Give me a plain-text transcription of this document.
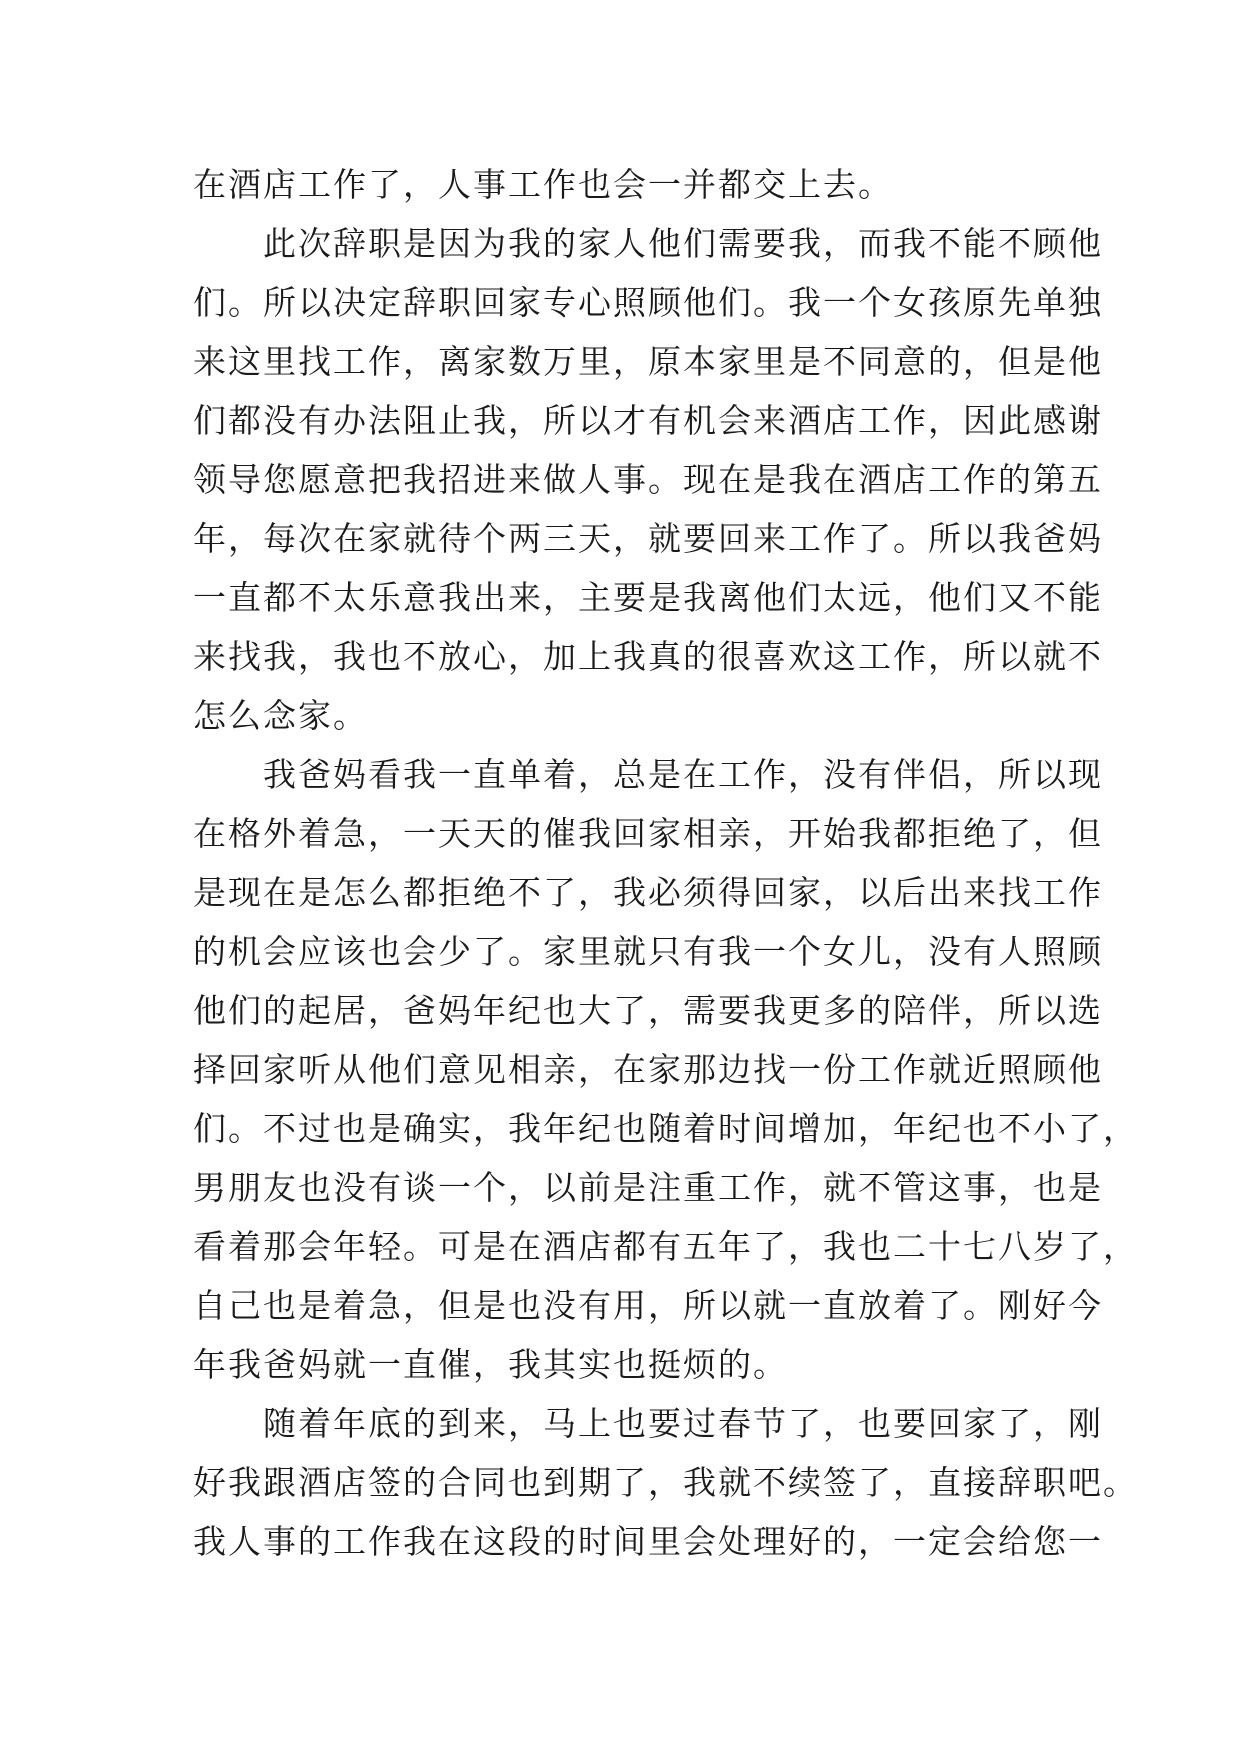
在酒店工作了，人事工作也会一并都交上去。
此次辞职是因为我的家人他们需要我，而我不能不顾他
们。所以决定辞职回家专心照顾他们。我一个女孩原先单独
来这里找工作，离家数万里，原本家里是不同意的，但是他
们都没有办法阻止我，所以才有机会来酒店工作，因此感谢
领导您愿意把我招进来做人事。现在是我在酒店工作的第五
年，每次在家就待个两三天，就要回来工作了。所以我爸妈
一直都不太乐意我出来，主要是我离他们太远，他们又不能
来找我，我也不放心，加上我真的很喜欢这工作，所以就不
怎么念家。
我爸妈看我一直单着，总是在工作，没有伴侣，所以现
在格外着急，一天天的催我回家相亲，开始我都拒绝了，但
是现在是怎么都拒绝不了，我必须得回家，以后出来找工作
的机会应该也会少了。家里就只有我一个女儿，没有人照顾
他们的起居，爸妈年纪也大了，需要我更多的陪伴，所以选
择回家听从他们意见相亲，在家那边找一份工作就近照顾他
们。不过也是确实，我年纪也随着时间增加，年纪也不小了，
男朋友也没有谈一个，以前是注重工作，就不管这事，也是
看着那会年轻。可是在酒店都有五年了，我也二十七八岁了，
自己也是着急，但是也没有用，所以就一直放着了。刚好今
年我爸妈就一直催，我其实也挺烦的。
随着年底的到来，马上也要过春节了，也要回家了，刚
好我跟酒店签的合同也到期了，我就不续签了，直接辞职吧。
我人事的工作我在这段的时间里会处理好的，一定会给您一
